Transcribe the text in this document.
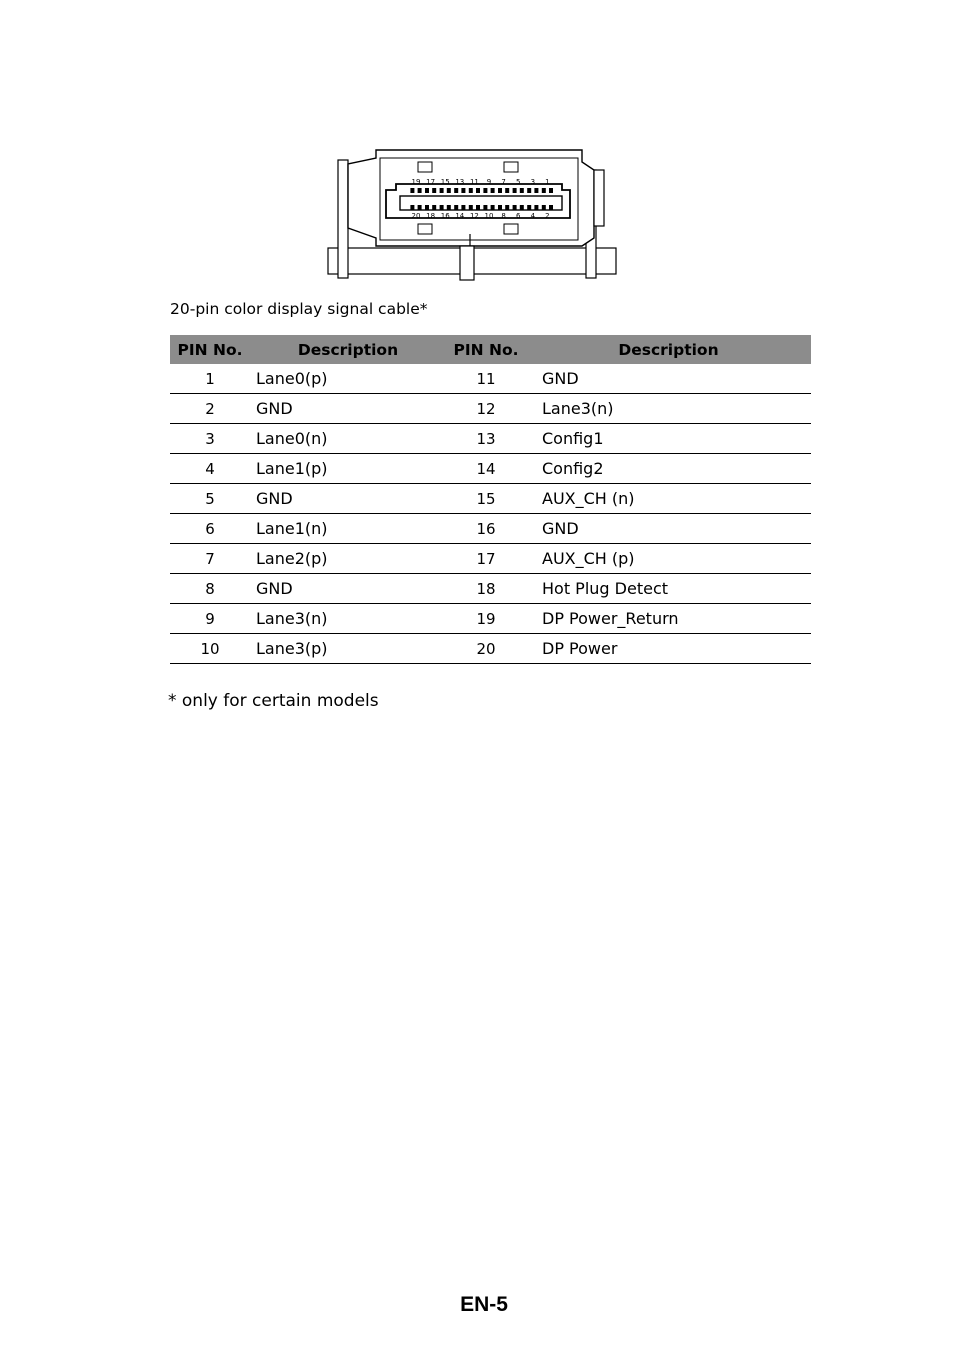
19 17 15 13 11 9 7 5 3 1
20 18 16 14 12 10 8 6 4 2
20-pin color display signal cable*
PIN No.	Description	PIN No.	Description
1	Lane0(p)	11	GND
2	GND	12	Lane3(n)
3	Lane0(n)	13	Config1
4	Lane1(p)	14	Config2
5	GND	15	AUX_CH (n)
6	Lane1(n)	16	GND
7	Lane2(p)	17	AUX_CH (p)
8	GND	18	Hot Plug Detect
9	Lane3(n)	19	DP Power_Return
10	Lane3(p)	20	DP Power
* only for certain models
EN-5
